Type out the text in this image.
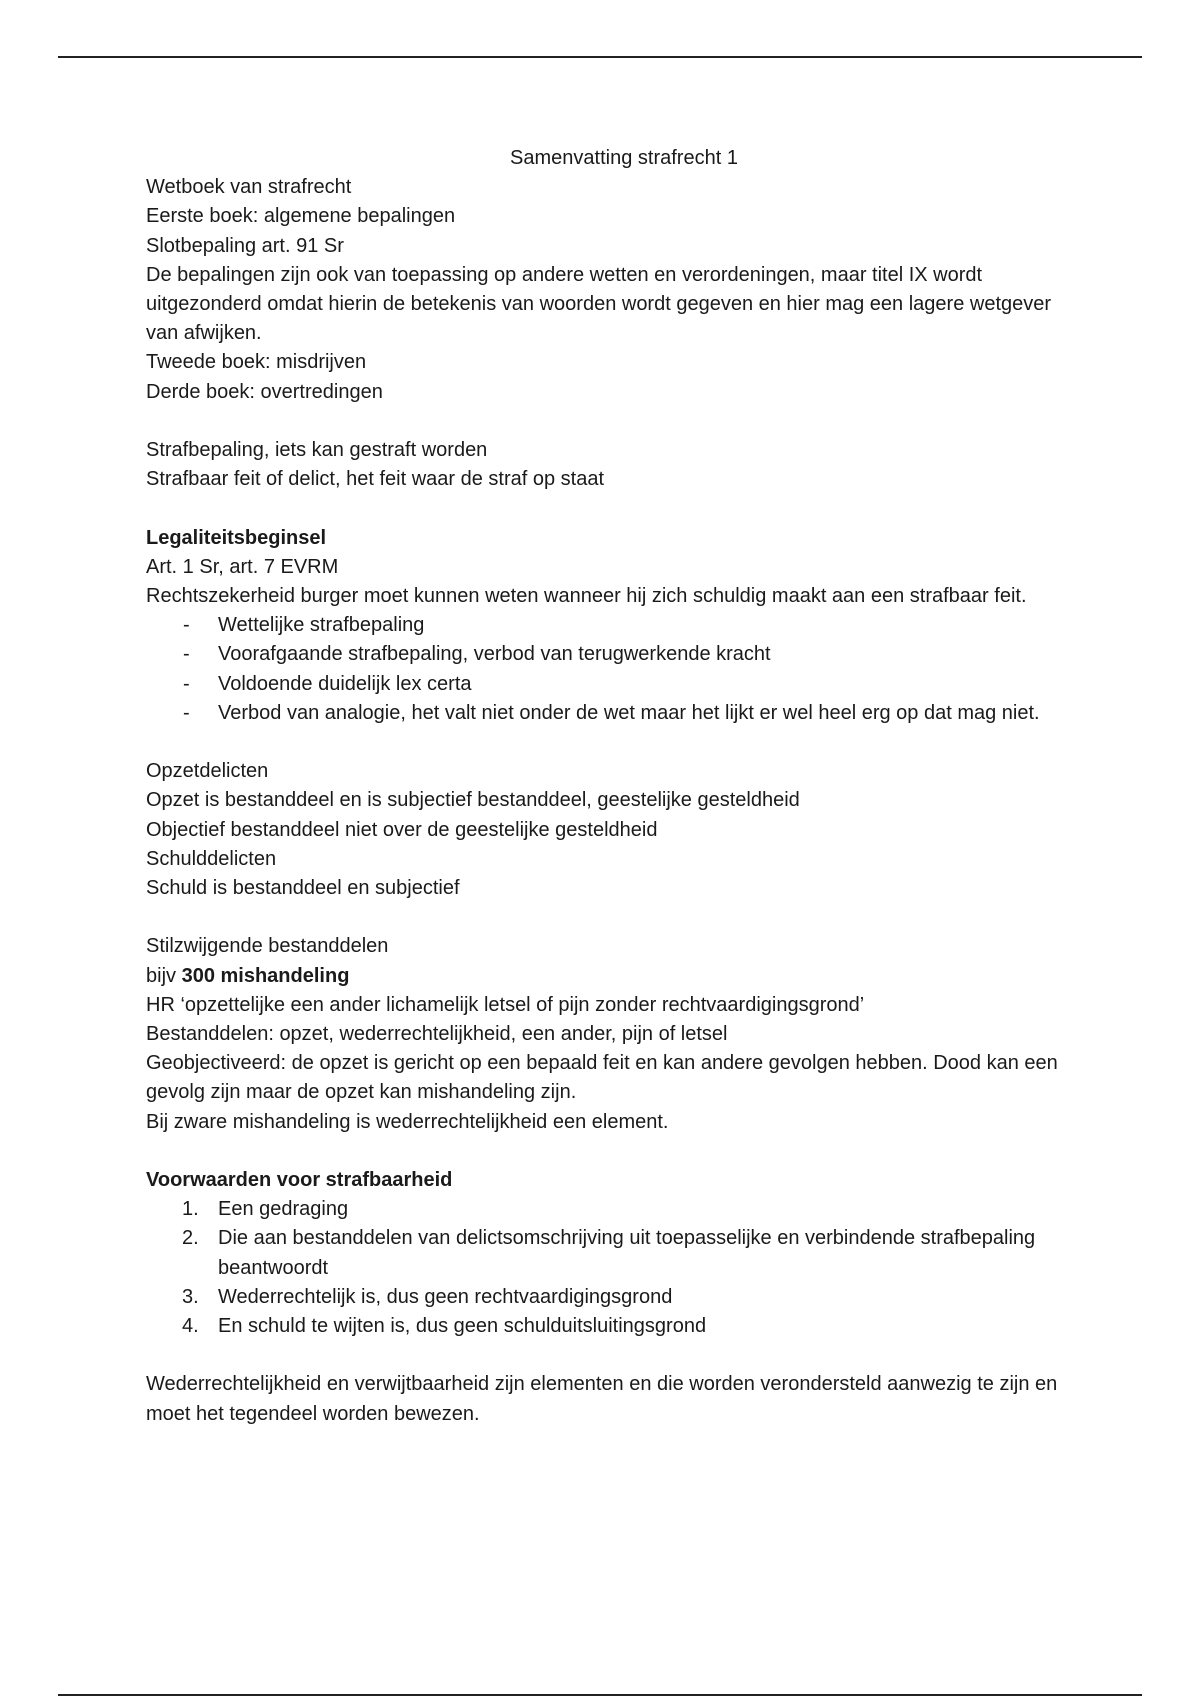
Samenvatting strafrecht 1

Wetboek van strafrecht

Eerste boek: algemene bepalingen

Slotbepaling art. 91 Sr

De bepalingen zijn ook van toepassing op andere wetten en verordeningen, maar titel IX wordt uitgezonderd omdat hierin de betekenis van woorden wordt gegeven en hier mag een lagere wetgever van afwijken.

Tweede boek: misdrijven

Derde boek: overtredingen

Strafbepaling, iets kan gestraft worden

Strafbaar feit of delict, het feit waar de straf op staat

Legaliteitsbeginsel

Art. 1 Sr, art. 7 EVRM

Rechtszekerheid burger moet kunnen weten wanneer hij zich schuldig maakt aan een strafbaar feit.

- Wettelijke strafbepaling
- Voorafgaande strafbepaling, verbod van terugwerkende kracht
- Voldoende duidelijk lex certa
- Verbod van analogie, het valt niet onder de wet maar het lijkt er wel heel erg op dat mag niet.

Opzetdelicten

Opzet is bestanddeel en is subjectief bestanddeel, geestelijke gesteldheid

Objectief bestanddeel niet over de geestelijke gesteldheid

Schulddelicten

Schuld is bestanddeel en subjectief

Stilzwijgende bestanddelen

bijv 300 mishandeling

HR ‘opzettelijke een ander lichamelijk letsel of pijn zonder rechtvaardigingsgrond’

Bestanddelen: opzet, wederrechtelijkheid, een ander, pijn of letsel

Geobjectiveerd: de opzet is gericht op een bepaald feit en kan andere gevolgen hebben. Dood kan een gevolg zijn maar de opzet kan mishandeling zijn.

Bij zware mishandeling is wederrechtelijkheid een element.

Voorwaarden voor strafbaarheid

1. Een gedraging
2. Die aan bestanddelen van delictsomschrijving uit toepasselijke en verbindende strafbepaling beantwoordt
3. Wederrechtelijk is, dus geen rechtvaardigingsgrond
4. En schuld te wijten is, dus geen schulduitsluitingsgrond

Wederrechtelijkheid en verwijtbaarheid zijn elementen en die worden verondersteld aanwezig te zijn en moet het tegendeel worden bewezen.
